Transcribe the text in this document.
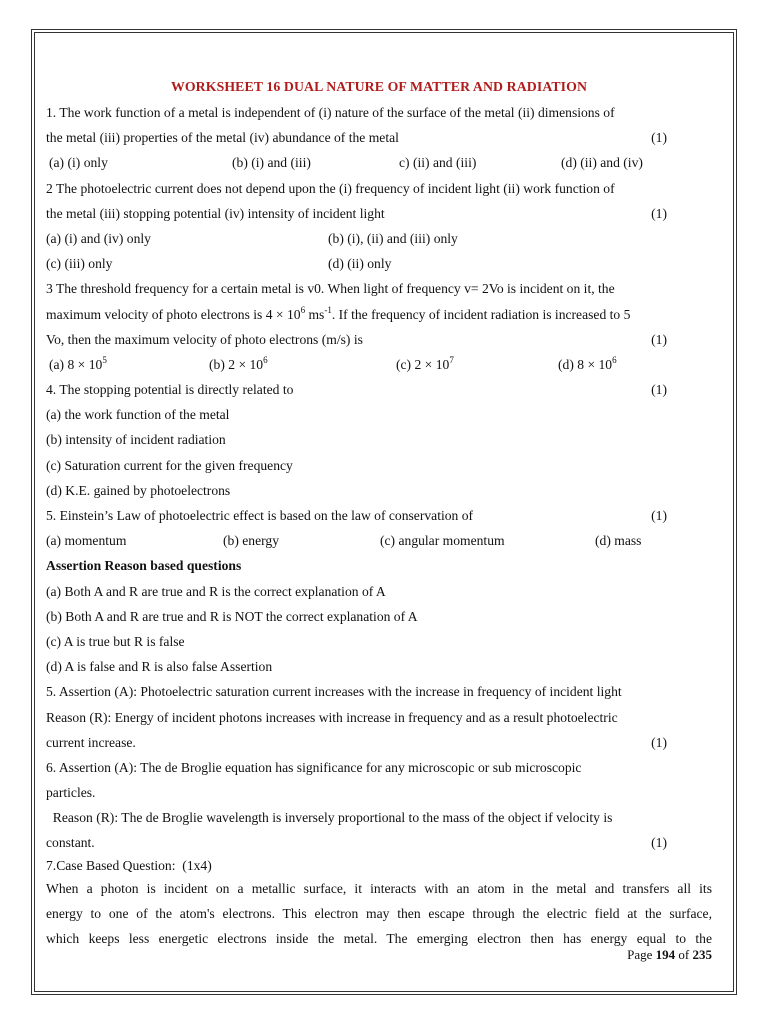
WORKSHEET 16 DUAL NATURE OF MATTER AND RADIATION
1. The work function of a metal is independent of (i) nature of the surface of the metal (ii) dimensions of
the metal (iii) properties of the metal (iv) abundance of the metal	(1)
(a) (i) only	(b) (i) and (iii)	c) (ii) and (iii)	(d) (ii) and (iv)
2 The photoelectric current does not depend upon the (i) frequency of incident light (ii) work function of
the metal (iii) stopping potential (iv) intensity of incident light	(1)
(a) (i) and (iv) only	(b) (i), (ii) and (iii) only
(c) (iii) only	(d) (ii) only
3 The threshold frequency for a certain metal is v0. When light of frequency v= 2Vo is incident on it, the
maximum velocity of photo electrons is $4 \times 10^6$ $ms^{-1}$. If the frequency of incident radiation is increased to 5
Vo, then the maximum velocity of photo electrons (m/s) is	(1)
(a) $8 \times 10^5$	(b) $2 \times 10^6$	(c) $2 \times 10^7$	(d) $8 \times 10^6$
4. The stopping potential is directly related to	(1)
(a) the work function of the metal
(b) intensity of incident radiation
(c) Saturation current for the given frequency
(d) K.E. gained by photoelectrons
5. Einstein’s Law of photoelectric effect is based on the law of conservation of	(1)
(a) momentum	(b) energy	(c) angular momentum	(d) mass
Assertion Reason based questions
(a) Both A and R are true and R is the correct explanation of A
(b) Both A and R are true and R is NOT the correct explanation of A
(c) A is true but R is false
(d) A is false and R is also false Assertion
5. Assertion (A): Photoelectric saturation current increases with the increase in frequency of incident light
Reason (R): Energy of incident photons increases with increase in frequency and as a result photoelectric
current increase.	(1)
6. Assertion (A): The de Broglie equation has significance for any microscopic or sub microscopic
particles.
Reason (R): The de Broglie wavelength is inversely proportional to the mass of the object if velocity is
constant.	(1)
7.Case Based Question:  (1x4)
When a photon is incident on a metallic surface, it interacts with an atom in the metal and transfers all its
energy to one of the atom's electrons. This electron may then escape through the electric field at the surface,
which keeps less energetic electrons inside the metal. The emerging electron then has energy equal to the
Page 194 of 235
